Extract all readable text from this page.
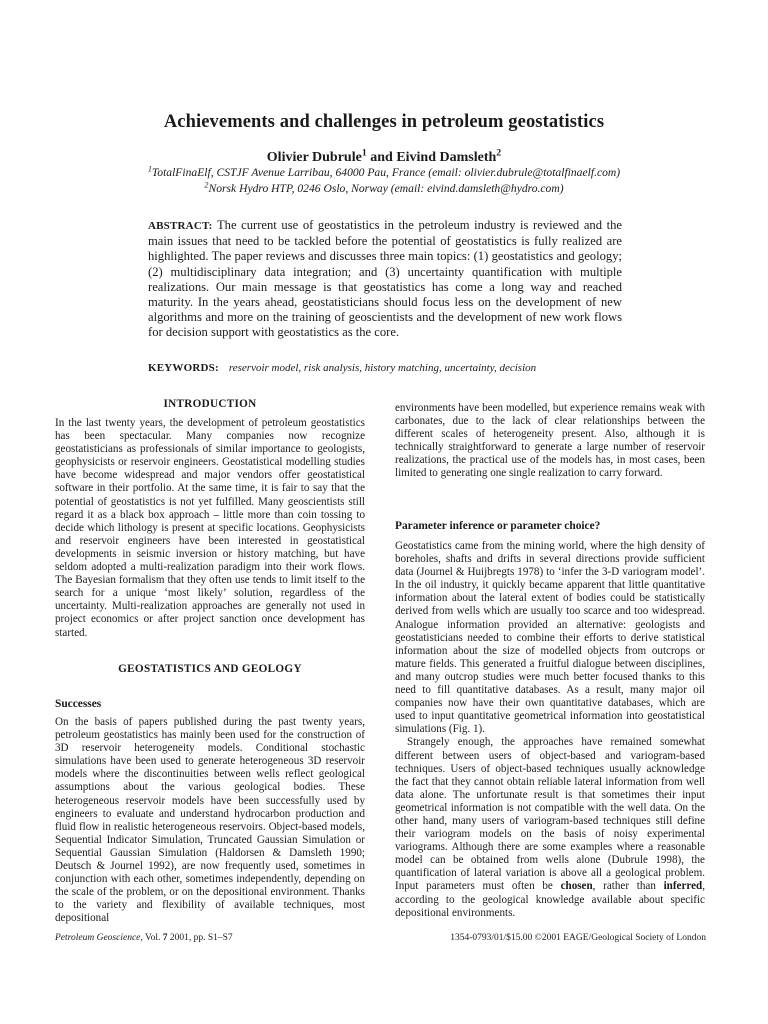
Achievements and challenges in petroleum geostatistics
Olivier Dubrule$^1$ and Eivind Damsleth$^2$
$^1$TotalFinaElf, CSTJF Avenue Larribau, 64000 Pau, France (email: olivier.dubrule@totalfinaelf.com)
$^2$Norsk Hydro HTP, 0246 Oslo, Norway (email: eivind.damsleth@hydro.com)

ABSTRACT: The current use of geostatistics in the petroleum industry is reviewed and the main issues that need to be tackled before the potential of geostatistics is fully realized are highlighted. The paper reviews and discusses three main topics: (1) geostatistics and geology; (2) multidisciplinary data integration; and (3) uncertainty quantification with multiple realizations. Our main message is that geostatistics has come a long way and reached maturity. In the years ahead, geostatisticians should focus less on the development of new algorithms and more on the training of geoscientists and the development of new work flows for decision support with geostatistics as the core.

KEYWORDS: reservoir model, risk analysis, history matching, uncertainty, decision

INTRODUCTION

In the last twenty years, the development of petroleum geostatistics has been spectacular. Many companies now recognize geostatisticians as professionals of similar importance to geologists, geophysicists or reservoir engineers. Geostatistical modelling studies have become widespread and major vendors offer geostatistical software in their portfolio. At the same time, it is fair to say that the potential of geostatistics is not yet fulfilled. Many geoscientists still regard it as a black box approach – little more than coin tossing to decide which lithology is present at specific locations. Geophysicists and reservoir engineers have been interested in geostatistical developments in seismic inversion or history matching, but have seldom adopted a multi-realization paradigm into their work flows. The Bayesian formalism that they often use tends to limit itself to the search for a unique ‘most likely’ solution, regardless of the uncertainty. Multi-realization approaches are generally not used in project economics or after project sanction once development has started.

GEOSTATISTICS AND GEOLOGY
Successes

On the basis of papers published during the past twenty years, petroleum geostatistics has mainly been used for the construction of 3D reservoir heterogeneity models. Conditional stochastic simulations have been used to generate heterogeneous 3D reservoir models where the discontinuities between wells reflect geological assumptions about the various geological bodies. These heterogeneous reservoir models have been successfully used by engineers to evaluate and understand hydrocarbon production and fluid flow in realistic heterogeneous reservoirs. Object-based models, Sequential Indicator Simulation, Truncated Gaussian Simulation or Sequential Gaussian Simulation (Haldorsen & Damsleth 1990; Deutsch & Journel 1992), are now frequently used, sometimes in conjunction with each other, sometimes independently, depending on the scale of the problem, or on the depositional environment. Thanks to the variety and flexibility of available techniques, most depositional

environments have been modelled, but experience remains weak with carbonates, due to the lack of clear relationships between the different scales of heterogeneity present. Also, although it is technically straightforward to generate a large number of reservoir realizations, the practical use of the models has, in most cases, been limited to generating one single realization to carry forward.

Parameter inference or parameter choice?

Geostatistics came from the mining world, where the high density of boreholes, shafts and drifts in several directions provide sufficient data (Journel & Huijbregts 1978) to ‘infer the 3-D variogram model’. In the oil industry, it quickly became apparent that little quantitative information about the lateral extent of bodies could be statistically derived from wells which are usually too scarce and too widespread. Analogue information provided an alternative: geologists and geostatisticians needed to combine their efforts to derive statistical information about the size of modelled objects from outcrops or mature fields. This generated a fruitful dialogue between disciplines, and many outcrop studies were much better focused thanks to this need to fill quantitative databases. As a result, many major oil companies now have their own quantitative databases, which are used to input quantitative geometrical information into geostatistical simulations (Fig. 1).

Strangely enough, the approaches have remained somewhat different between users of object-based and variogram-based techniques. Users of object-based techniques usually acknowledge the fact that they cannot obtain reliable lateral information from well data alone. The unfortunate result is that sometimes their input geometrical information is not compatible with the well data. On the other hand, many users of variogram-based techniques still define their variogram models on the basis of noisy experimental variograms. Although there are some examples where a reasonable model can be obtained from wells alone (Dubrule 1998), the quantification of lateral variation is above all a geological problem. Input parameters must often be chosen, rather than inferred, according to the geological knowledge available about specific depositional environments.

Petroleum Geoscience, Vol. 7 2001, pp. S1–S7	1354-0793/01/$15.00 ©2001 EAGE/Geological Society of London
